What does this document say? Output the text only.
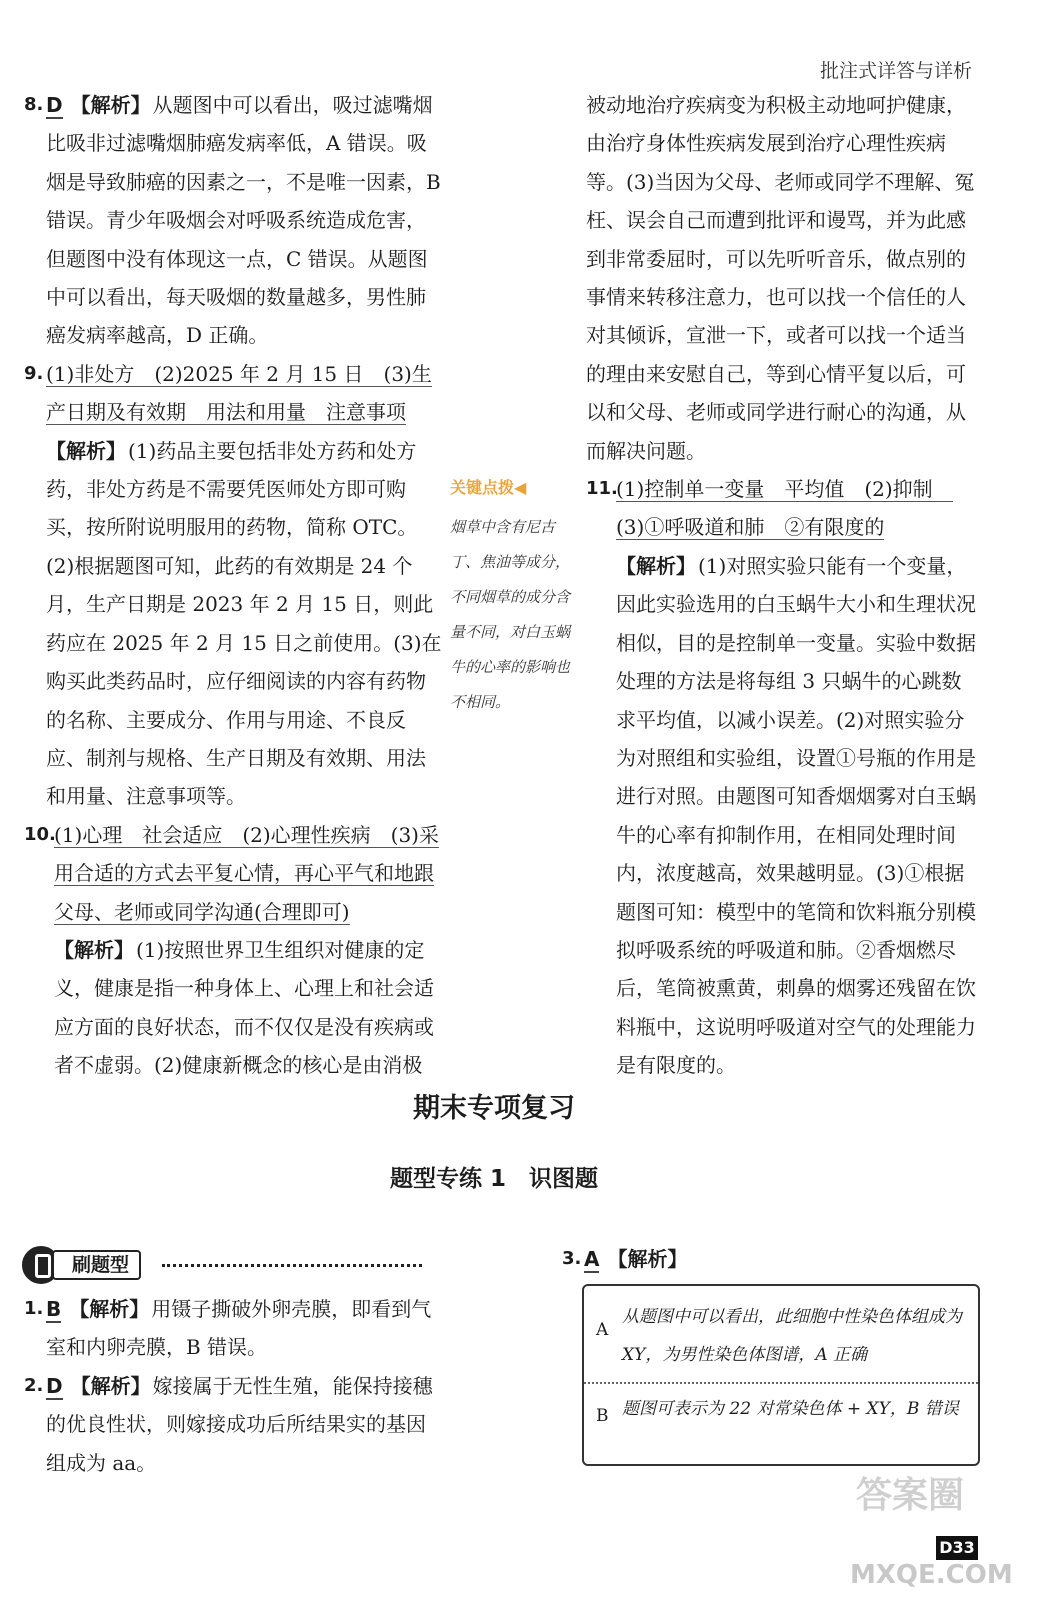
批注式详答与详析
8. D 【解析】 从题图中可以看出，吸过滤嘴烟比吸非过滤嘴烟肺癌发病率低，A 错误。吸烟是导致肺癌的因素之一，不是唯一因素，B 错误。青少年吸烟会对呼吸系统造成危害，但题图中没有体现这一点，C 错误。从题图中可以看出，每天吸烟的数量越多，男性肺癌发病率越高，D 正确。
9. (1)非处方　(2)2025 年 2 月 15 日　(3)生产日期及有效期　用法和用量　注意事项

【解析】 (1)药品主要包括非处方药和处方药，非处方药是不需要凭医师处方即可购买，按所附说明服用的药物，简称 OTC。(2)根据题图可知，此药的有效期是 24 个月，生产日期是 2023 年 2 月 15 日，则此药应在 2025 年 2 月 15 日之前使用。(3)在购买此类药品时，应仔细阅读的内容有药物的名称、主要成分、作用与用途、不良反应、制剂与规格、生产日期及有效期、用法和用量、注意事项等。

10.

(1)心理　社会适应　(2)心理性疾病　(3)采用合适的方式去平复心情，再心平气和地跟父母、老师或同学沟通(合理即可)

【解析】 (1)按照世界卫生组织对健康的定义，健康是指一种身体上、心理上和社会适应方面的良好状态，而不仅仅是没有疾病或者不虚弱。(2)健康新概念的核心是由消极

关键点拨◀

烟草中含有尼古丁、焦油等成分，不同烟草的成分含量不同，对白玉蜗牛的心率的影响也不相同。

被动地治疗疾病变为积极主动地呵护健康，由治疗身体性疾病发展到治疗心理性疾病等。(3)当因为父母、老师或同学不理解、冤枉、误会自己而遭到批评和谩骂，并为此感到非常委屈时，可以先听听音乐，做点别的事情来转移注意力，也可以找一个信任的人对其倾诉，宣泄一下，或者可以找一个适当的理由来安慰自己，等到心情平复以后，可以和父母、老师或同学进行耐心的沟通，从而解决问题。

11.

(1)控制单一变量　平均值　(2)抑制　(3)①呼吸道和肺　②有限度的

【解析】 (1)对照实验只能有一个变量，因此实验选用的白玉蜗牛大小和生理状况相似，目的是控制单一变量。实验中数据处理的方法是将每组 3 只蜗牛的心跳数求平均值，以减小误差。(2)对照实验分为对照组和实验组，设置①号瓶的作用是进行对照。由题图可知香烟烟雾对白玉蜗牛的心率有抑制作用，在相同处理时间内，浓度越高，效果越明显。(3)①根据题图可知：模型中的笔筒和饮料瓶分别模拟呼吸系统的呼吸道和肺。②香烟燃尽后，笔筒被熏黄，刺鼻的烟雾还残留在饮料瓶中，这说明呼吸道对空气的处理能力是有限度的。

期末专项复习
题型专练 1　识图题
刷题型
1. B 【解析】 用镊子撕破外卵壳膜，即看到气室和内卵壳膜，B 错误。
2. D 【解析】 嫁接属于无性生殖，能保持接穗的优良性状，则嫁接成功后所结果实的基因组成为 aa。
3. A 【解析】
A

从题图中可以看出，此细胞中性染色体组成为 XY，为男性染色体图谱，A 正确

B 题图可表示为 22 对常染色体 + XY，B 错误

答案圈
MXQE.COM
D33
